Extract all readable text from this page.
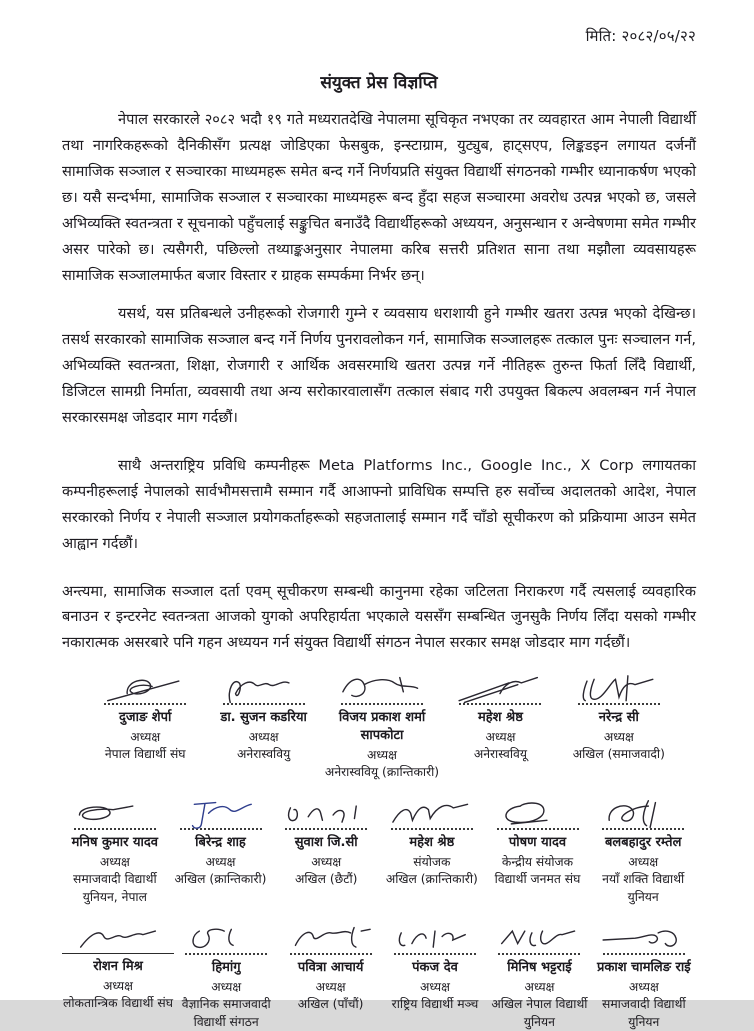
मिति: २०८२/०५/२२
संयुक्त प्रेस विज्ञप्ति

नेपाल सरकारले २०८२ भदौ १९ गते मध्यरातदेखि नेपालमा सूचिकृत नभएका तर व्यवहारत आम नेपाली विद्यार्थी तथा नागरिकहरूको दैनिकीसँग प्रत्यक्ष जोडिएका फेसबुक, इन्स्टाग्राम, युट्युब, हाट्सएप, लिङ्कडइन लगायत दर्जनौं सामाजिक सञ्जाल र सञ्चारका माध्यमहरू समेत बन्द गर्ने निर्णयप्रति संयुक्त विद्यार्थी संगठनको गम्भीर ध्यानाकर्षण भएको छ। यसै सन्दर्भमा, सामाजिक सञ्जाल र सञ्चारका माध्यमहरू बन्द हुँदा सहज सञ्चारमा अवरोध उत्पन्न भएको छ, जसले अभिव्यक्ति स्वतन्त्रता र सूचनाको पहुँचलाई सङ्कुचित बनाउँदै विद्यार्थीहरूको अध्ययन, अनुसन्धान र अन्वेषणमा समेत गम्भीर असर पारेको छ। त्यसैगरी, पछिल्लो तथ्याङ्कअनुसार नेपालमा करिब सत्तरी प्रतिशत साना तथा मझौला व्यवसायहरू सामाजिक सञ्जालमार्फत बजार विस्तार र ग्राहक सम्पर्कमा निर्भर छन्।

यसर्थ, यस प्रतिबन्धले उनीहरूको रोजगारी गुम्ने र व्यवसाय धराशायी हुने गम्भीर खतरा उत्पन्न भएको देखिन्छ। तसर्थ सरकारको सामाजिक सञ्जाल बन्द गर्ने निर्णय पुनरावलोकन गर्न, सामाजिक सञ्जालहरू तत्काल पुनः सञ्चालन गर्न, अभिव्यक्ति स्वतन्त्रता, शिक्षा, रोजगारी र आर्थिक अवसरमाथि खतरा उत्पन्न गर्ने नीतिहरू तुरुन्त फिर्ता लिँदै विद्यार्थी, डिजिटल सामग्री निर्माता, व्यवसायी तथा अन्य सरोकारवालासँग तत्काल संबाद गरी उपयुक्त बिकल्प अवलम्बन गर्न नेपाल सरकारसमक्ष जोडदार माग गर्दछौं।

साथै अन्तराष्ट्रिय प्रविधि कम्पनीहरू Meta Platforms Inc., Google Inc., X Corp लगायतका कम्पनीहरूलाई नेपालको सार्वभौमसत्तामै सम्मान गर्दै आआफ्नो प्राविधिक सम्पत्ति हरु सर्वोच्च अदालतको आदेश, नेपाल सरकारको निर्णय र नेपाली सञ्जाल प्रयोगकर्ताहरूको सहजतालाई सम्मान गर्दै चाँडो सूचीकरण को प्रक्रियामा आउन समेत आह्वान गर्दछौं।

अन्त्यमा, सामाजिक सञ्जाल दर्ता एवम् सूचीकरण सम्बन्धी कानुनमा रहेका जटिलता निराकरण गर्दै त्यसलाई व्यवहारिक बनाउन र इन्टरनेट स्वतन्त्रता आजको युगको अपरिहार्यता भएकाले यससँग सम्बन्धित जुनसुकै निर्णय लिँदा यसको गम्भीर नकारात्मक असरबारे पनि गहन अध्ययन गर्न संयुक्त विद्यार्थी संगठन नेपाल सरकार समक्ष जोडदार माग गर्दछौं।

दुजाङ शेर्पा
अध्यक्ष
नेपाल विद्यार्थी संघ
डा. सुजन कडरिया
अध्यक्ष
अनेरास्ववियु
विजय प्रकाश शर्मा सापकोटा
अध्यक्ष
अनेरास्ववियू (क्रान्तिकारी)
महेश श्रेष्ठ
अध्यक्ष
अनेरास्ववियू
नरेन्द्र सी
अध्यक्ष
अखिल (समाजवादी)
मनिष कुमार यादव
अध्यक्ष
समाजवादी विद्यार्थी युनियन, नेपाल
बिरेन्द्र शाह
अध्यक्ष
अखिल (क्रान्तिकारी)
सुवाश जि.सी
अध्यक्ष
अखिल (छैटौं)
महेश श्रेष्ठ
संयोजक
अखिल (क्रान्तिकारी)
पोषण यादव
केन्द्रीय संयोजक
विद्यार्थी जनमत संघ
बलबहादुर रम्तेल
अध्यक्ष
नयाँ शक्ति विद्यार्थी युनियन
रोशन मिश्र
अध्यक्ष
लोकतान्त्रिक विद्यार्थी संघ
हिमांगु
अध्यक्ष
वैज्ञानिक समाजवादी विद्यार्थी संगठन
पवित्रा आचार्य
अध्यक्ष
अखिल (पाँचौं)
पंकज देव
अध्यक्ष
राष्ट्रिय विद्यार्थी मञ्च
मिनिष भट्टराई
अध्यक्ष
अखिल नेपाल विद्यार्थी युनियन
प्रकाश चामलिङ राई
अध्यक्ष
समाजवादी विद्यार्थी युनियन
